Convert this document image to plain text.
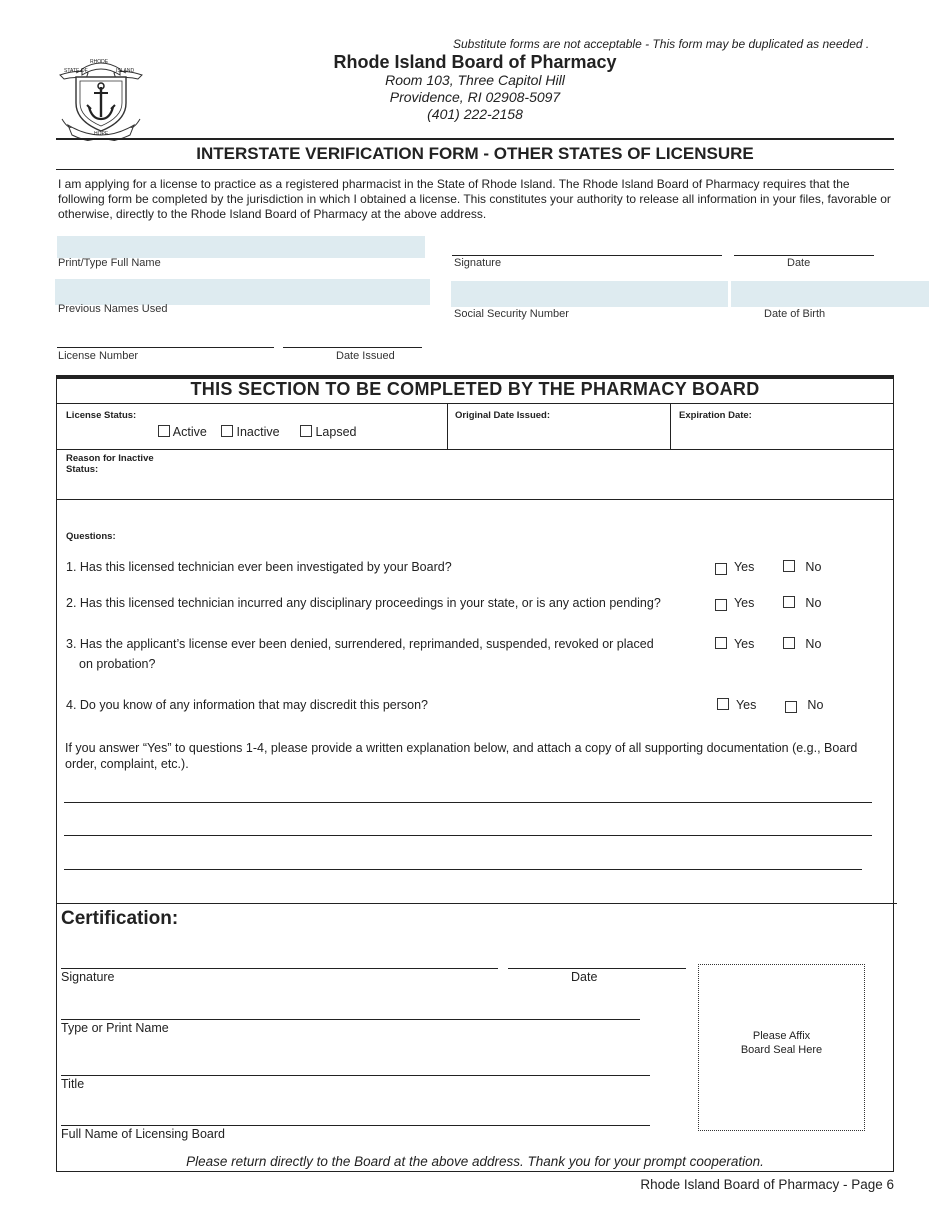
Substitute forms are not acceptable - This form may be duplicated as needed .
RHODE
STATE OF	ISLAND
HOPE
Rhode Island Board of Pharmacy
Room 103, Three Capitol Hill
Providence, RI 02908-5097
(401) 222-2158
INTERSTATE VERIFICATION FORM - OTHER STATES OF LICENSURE
I am applying for a license to practice as a registered pharmacist in the State of Rhode Island. The Rhode Island Board of Pharmacy requires that the following form be completed by the jurisdiction in which I obtained a license. This constitutes your authority to release all information in your files, favorable or otherwise, directly to the Rhode Island Board of Pharmacy at the above address.
Print/Type Full Name	Signature	Date
Previous Names Used	Social Security Number	Date of Birth
License Number	Date Issued
THIS SECTION TO BE COMPLETED BY THE PHARMACY BOARD
License Status:	Original Date Issued:	Expiration Date:
Active	Inactive	Lapsed
Reason for Inactive
Status:
Questions:
1. Has this licensed technician ever been investigated by your Board?	Yes	No
2. Has this licensed technician incurred any disciplinary proceedings in your state, or is any action pending?	Yes	No
3. Has the applicant’s license ever been denied, surrendered, reprimanded, suspended, revoked or placed
on probation?
Yes	No
4. Do you know of any information that may discredit this person?	Yes	No
If you answer “Yes” to questions 1-4, please provide a written explanation below, and attach a copy of all supporting documentation (e.g., Board order, complaint, etc.).
Certification:
Signature	Date
Type or Print Name
Title
Full Name of Licensing Board
Please Affix
Board Seal Here
Please return directly to the Board at the above address. Thank you for your prompt cooperation.
Rhode Island Board of Pharmacy - Page 6
